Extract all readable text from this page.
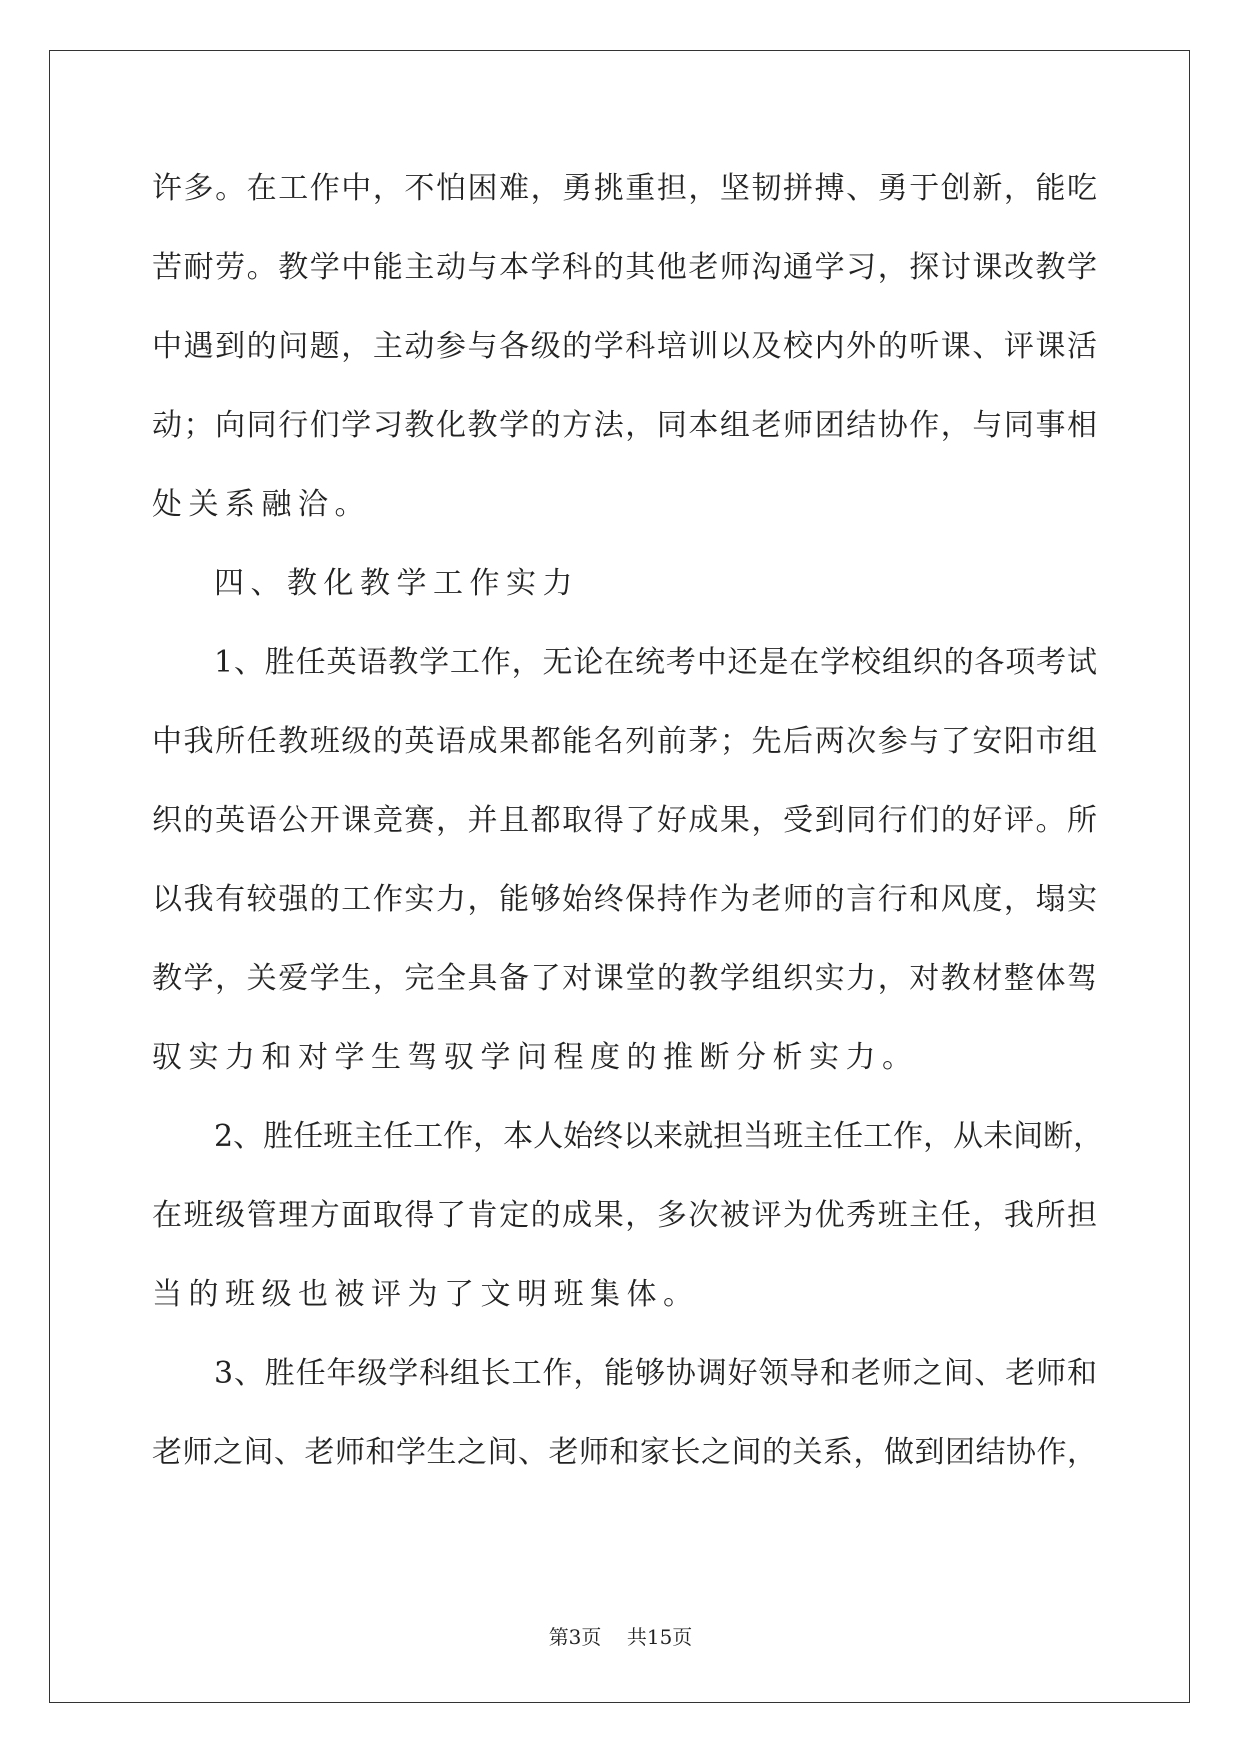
许多。在工作中，不怕困难，勇挑重担，坚韧拼搏、勇于创新，能吃
苦耐劳。教学中能主动与本学科的其他老师沟通学习，探讨课改教学
中遇到的问题，主动参与各级的学科培训以及校内外的听课、评课活
动；向同行们学习教化教学的方法，同本组老师团结协作，与同事相
处关系融洽。
四、教化教学工作实力
1、胜任英语教学工作，无论在统考中还是在学校组织的各项考试
中我所任教班级的英语成果都能名列前茅；先后两次参与了安阳市组
织的英语公开课竞赛，并且都取得了好成果，受到同行们的好评。所
以我有较强的工作实力，能够始终保持作为老师的言行和风度，塌实
教学，关爱学生，完全具备了对课堂的教学组织实力，对教材整体驾
驭实力和对学生驾驭学问程度的推断分析实力。
2、胜任班主任工作，本人始终以来就担当班主任工作，从未间断，
在班级管理方面取得了肯定的成果，多次被评为优秀班主任，我所担
当的班级也被评为了文明班集体。
3、胜任年级学科组长工作，能够协调好领导和老师之间、老师和
老师之间、老师和学生之间、老师和家长之间的关系，做到团结协作，
第3页 共15页
